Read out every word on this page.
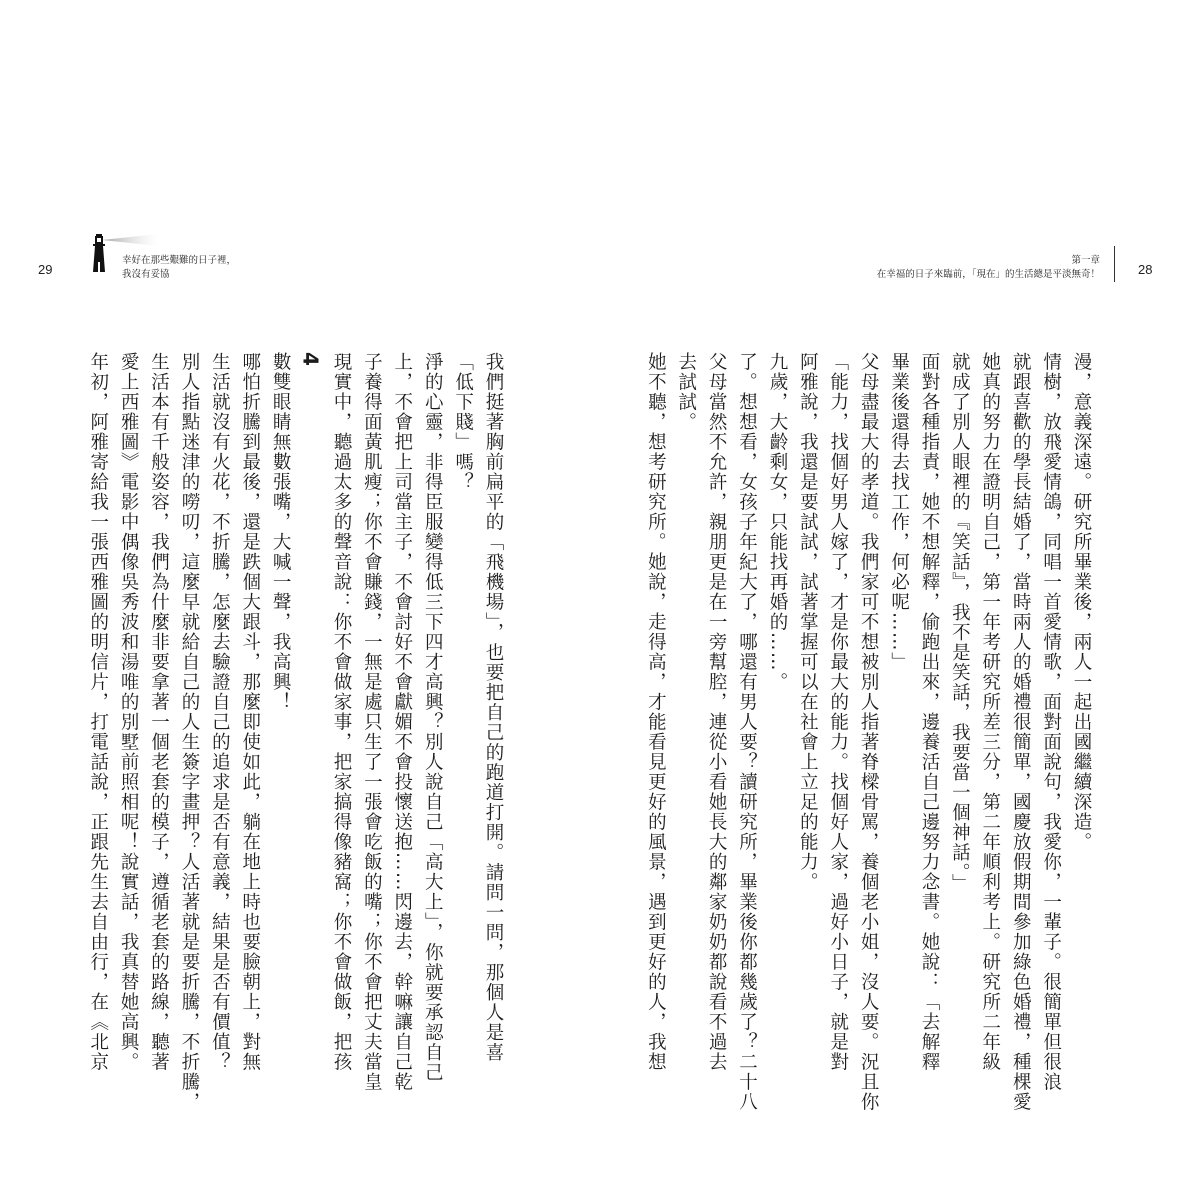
29
幸好在那些艱難的日子裡，
我沒有妥協
我們挺著胸前扁平的「飛機場」，也要把自己的跑道打開。請問一問，那個人是喜
「低下賤」嗎？
淨的心靈，非得臣服變得低三下四才高興？別人說自己「高大上」，你就要承認自己
上，不會把上司當主子，不會討好不會獻媚不會投懷送抱……閃邊去，幹嘛讓自己乾
子養得面黃肌瘦；你不會賺錢，一無是處只生了一張會吃飯的嘴；你不會把丈夫當皇
現實中，聽過太多的聲音說：你不會做家事，把家搞得像豬窩；你不會做飯，把孩
4
數雙眼睛無數張嘴，大喊一聲，我高興！
哪怕折騰到最後，還是跌個大跟斗，那麼即使如此，躺在地上時也要臉朝上，對無
生活就沒有火花，不折騰，怎麼去驗證自己的追求是否有意義，結果是否有價值？
別人指點迷津的嘮叨，這麼早就給自己的人生簽字畫押？人活著就是要折騰，不折騰，
生活本有千般姿容，我們為什麼非要拿著一個老套的模子，遵循老套的路線，聽著
愛上西雅圖》電影中偶像吳秀波和湯唯的別墅前照相呢！說實話，我真替她高興。
年初，阿雅寄給我一張西雅圖的明信片，打電話說，正跟先生去自由行，在《北京
第一章
在幸福的日子來臨前，「現在」的生活總是平淡無奇！	28
漫，意義深遠。研究所畢業後，兩人一起出國繼續深造。
情樹，放飛愛情鴿，同唱一首愛情歌，面對面說句，我愛你，一輩子。很簡單但很浪
就跟喜歡的學長結婚了，當時兩人的婚禮很簡單，國慶放假期間參加綠色婚禮，種棵愛
她真的努力在證明自己，第一年考研究所差三分，第二年順利考上。研究所二年級
就成了別人眼裡的『笑話』，我不是笑話，我要當一個神話。」
面對各種指責，她不想解釋，偷跑出來，邊養活自己邊努力念書。她說：「去解釋
畢業後還得去找工作，何必呢……」
父母盡最大的孝道。我們家可不想被別人指著脊樑骨罵，養個老小姐，沒人要。況且你
「能力，找個好男人嫁了，才是你最大的能力。找個好人家，過好小日子，就是對
阿雅說，我還是要試試，試著掌握可以在社會上立足的能力。
九歲，大齡剩女，只能找再婚的……。
了。想想看，女孩子年紀大了，哪還有男人要？讀研究所，畢業後你都幾歲了？二十八
父母當然不允許，親朋更是在一旁幫腔，連從小看她長大的鄰家奶奶都說看不過去
去試試。
她不聽，想考研究所。她說，走得高，才能看見更好的風景，遇到更好的人，我想
